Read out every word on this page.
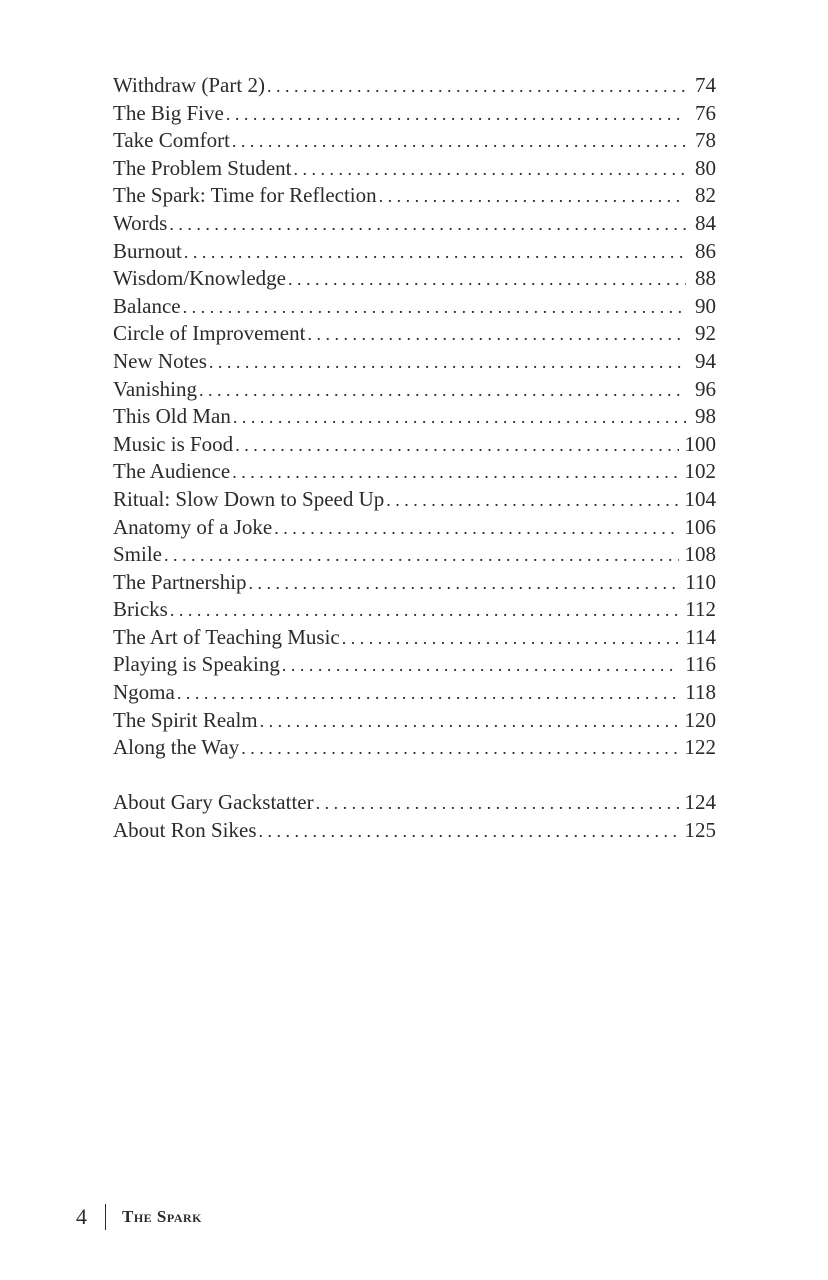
Withdraw (Part 2) . . .	74
The Big Five . . .	76
Take Comfort . . .	78
The Problem Student . . .	80
The Spark: Time for Reflection . . .	82
Words . . .	84
Burnout . . .	86
Wisdom/Knowledge . . .	88
Balance . . .	90
Circle of Improvement . . .	92
New Notes . . .	94
Vanishing . . .	96
This Old Man . . .	98
Music is Food . . .	100
The Audience . . .	102
Ritual: Slow Down to Speed Up . . .	104
Anatomy of a Joke . . .	106
Smile . . .	108
The Partnership . . .	110
Bricks . . .	112
The Art of Teaching Music . . .	114
Playing is Speaking . . .	116
Ngoma . . .	118
The Spirit Realm . . .	120
Along the Way . . .	122
About Gary Gackstatter . . .	124
About Ron Sikes . . .	125
4 The Spark
